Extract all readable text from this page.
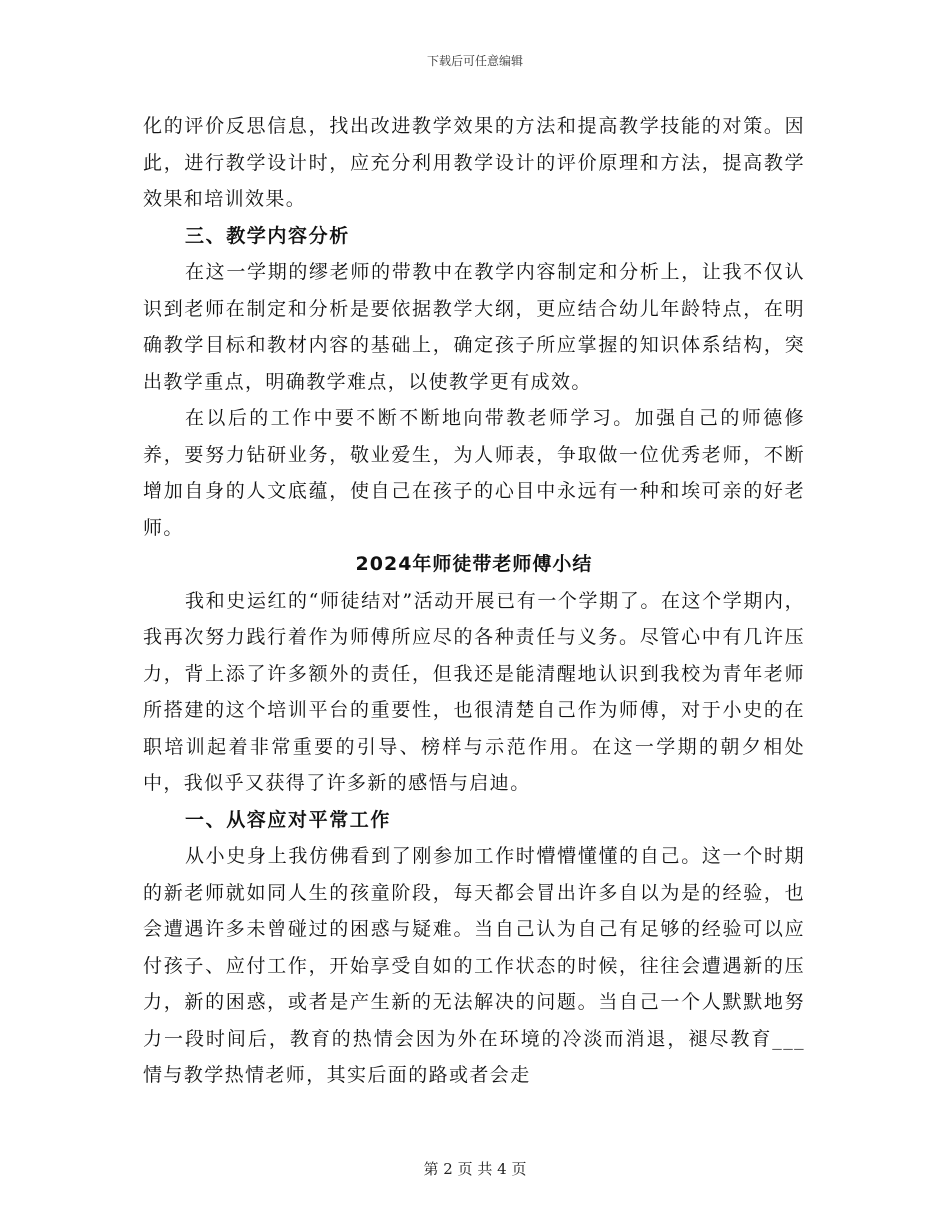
下载后可任意编辑

化的评价反思信息，找出改进教学效果的方法和提高教学技能的对策。因此，进行教学设计时，应充分利用教学设计的评价原理和方法，提高教学效果和培训效果。

三、教学内容分析

在这一学期的缪老师的带教中在教学内容制定和分析上，让我不仅认识到老师在制定和分析是要依据教学大纲，更应结合幼儿年龄特点，在明确教学目标和教材内容的基础上，确定孩子所应掌握的知识体系结构，突出教学重点，明确教学难点，以使教学更有成效。

在以后的工作中要不断不断地向带教老师学习。加强自己的师德修养，要努力钻研业务，敬业爱生，为人师表，争取做一位优秀老师，不断增加自身的人文底蕴，使自己在孩子的心目中永远有一种和埃可亲的好老师。

2024年师徒带老师傅小结

我和史运红的“师徒结对”活动开展已有一个学期了。在这个学期内，我再次努力践行着作为师傅所应尽的各种责任与义务。尽管心中有几许压力，背上添了许多额外的责任，但我还是能清醒地认识到我校为青年老师所搭建的这个培训平台的重要性，也很清楚自己作为师傅，对于小史的在职培训起着非常重要的引导、榜样与示范作用。在这一学期的朝夕相处中，我似乎又获得了许多新的感悟与启迪。

一、从容应对平常工作

从小史身上我仿佛看到了刚参加工作时懵懵懂懂的自己。这一个时期的新老师就如同人生的孩童阶段，每天都会冒出许多自以为是的经验，也会遭遇许多未曾碰过的困惑与疑难。当自己认为自己有足够的经验可以应付孩子、应付工作，开始享受自如的工作状态的时候，往往会遭遇新的压力，新的困惑，或者是产生新的无法解决的问题。当自己一个人默默地努力一段时间后，教育的热情会因为外在环境的冷淡而消退，褪尽教育___情与教学热情老师，其实后面的路或者会走

第 2 页 共 4 页
